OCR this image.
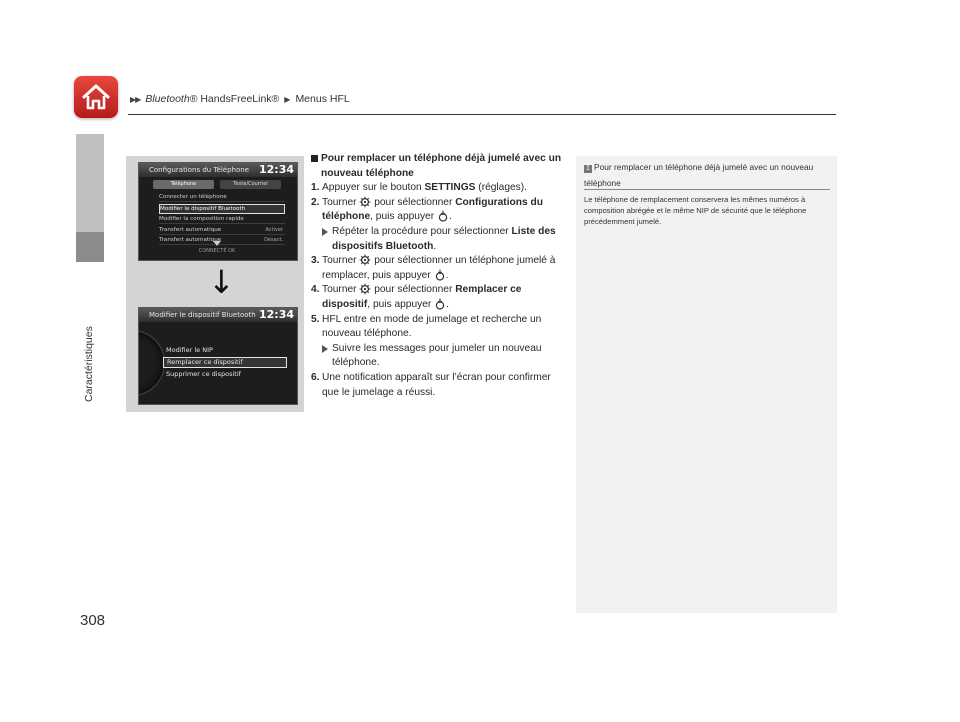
▶▶ Bluetooth® HandsFreeLink® ▶ Menus HFL
Caractéristiques
308
Configurations du Téléphone 12:34
Téléphone	Texte/Courriel
Connecter un téléphone
Modifier le dispositif Bluetooth
Modifier la composition rapide
Transfert automatique	Activer
Transfert automatique	Désact.
CONNECTÉ OK
↓
Modifier le dispositif Bluetooth 12:34
Modifier le NIP
Remplacer ce dispositif
Supprimer ce dispositif
Pour remplacer un téléphone déjà jumelé avec un nouveau téléphone
1. Appuyer sur le bouton SETTINGS (réglages).
2. Tourner  pour sélectionner Configurations du téléphone, puis appuyer .
Répéter la procédure pour sélectionner Liste des dispositifs Bluetooth.
3. Tourner  pour sélectionner un téléphone jumelé à remplacer, puis appuyer .
4. Tourner  pour sélectionner Remplacer ce dispositif, puis appuyer .
5. HFL entre en mode de jumelage et recherche un nouveau téléphone.
Suivre les messages pour jumeler un nouveau téléphone.
6. Une notification apparaît sur l’écran pour confirmer que le jumelage a réussi.
1 Pour remplacer un téléphone déjà jumelé avec un nouveau téléphone
Le téléphone de remplacement conservera les mêmes numéros à composition abrégée et le même NIP de sécurité que le téléphone précédemment jumelé.
